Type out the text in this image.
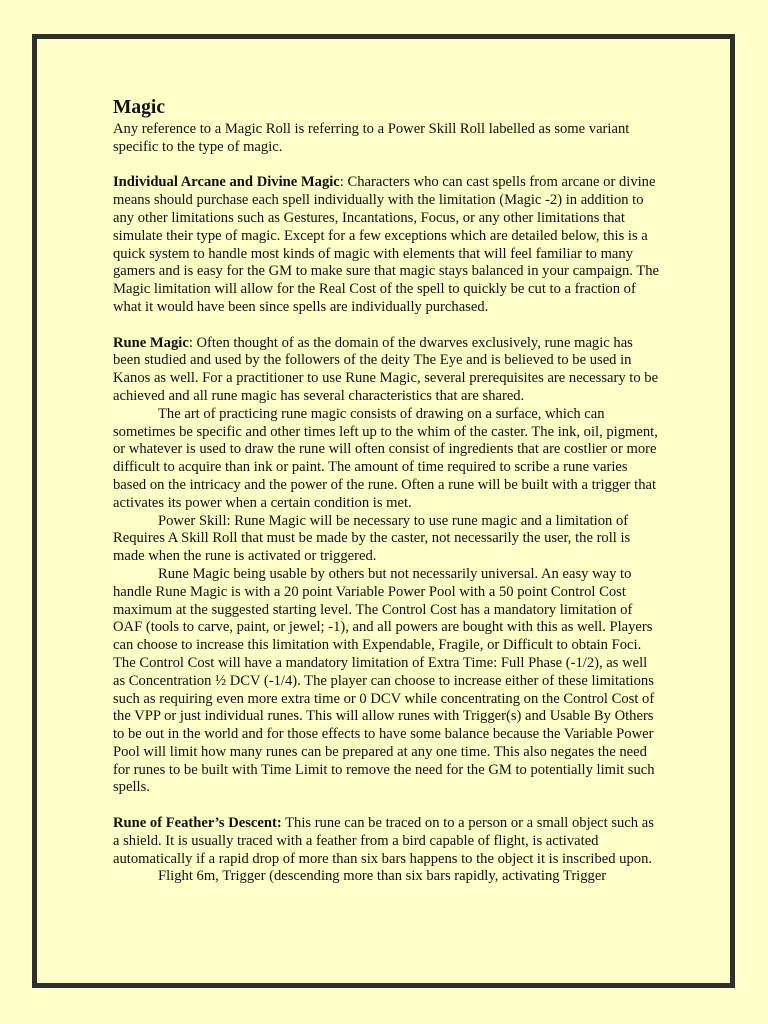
Magic

Any reference to a Magic Roll is referring to a Power Skill Roll labelled as some variant specific to the type of magic.

Individual Arcane and Divine Magic: Characters who can cast spells from arcane or divine means should purchase each spell individually with the limitation (Magic -2) in addition to any other limitations such as Gestures, Incantations, Focus, or any other limitations that simulate their type of magic. Except for a few exceptions which are detailed below, this is a quick system to handle most kinds of magic with elements that will feel familiar to many gamers and is easy for the GM to make sure that magic stays balanced in your campaign. The Magic limitation will allow for the Real Cost of the spell to quickly be cut to a fraction of what it would have been since spells are individually purchased.

Rune Magic: Often thought of as the domain of the dwarves exclusively, rune magic has been studied and used by the followers of the deity The Eye and is believed to be used in Kanos as well. For a practitioner to use Rune Magic, several prerequisites are necessary to be achieved and all rune magic has several characteristics that are shared.

The art of practicing rune magic consists of drawing on a surface, which can sometimes be specific and other times left up to the whim of the caster. The ink, oil, pigment, or whatever is used to draw the rune will often consist of ingredients that are costlier or more difficult to acquire than ink or paint. The amount of time required to scribe a rune varies based on the intricacy and the power of the rune. Often a rune will be built with a trigger that activates its power when a certain condition is met.

Power Skill: Rune Magic will be necessary to use rune magic and a limitation of Requires A Skill Roll that must be made by the caster, not necessarily the user, the roll is made when the rune is activated or triggered.

Rune Magic being usable by others but not necessarily universal. An easy way to handle Rune Magic is with a 20 point Variable Power Pool with a 50 point Control Cost maximum at the suggested starting level. The Control Cost has a mandatory limitation of OAF (tools to carve, paint, or jewel; -1), and all powers are bought with this as well. Players can choose to increase this limitation with Expendable, Fragile, or Difficult to obtain Foci. The Control Cost will have a mandatory limitation of Extra Time: Full Phase (-1/2), as well as Concentration ½ DCV (-1/4). The player can choose to increase either of these limitations such as requiring even more extra time or 0 DCV while concentrating on the Control Cost of the VPP or just individual runes. This will allow runes with Trigger(s) and Usable By Others to be out in the world and for those effects to have some balance because the Variable Power Pool will limit how many runes can be prepared at any one time. This also negates the need for runes to be built with Time Limit to remove the need for the GM to potentially limit such spells.

Rune of Feather’s Descent: This rune can be traced on to a person or a small object such as a shield. It is usually traced with a feather from a bird capable of flight, is activated automatically if a rapid drop of more than six bars happens to the object it is inscribed upon.

Flight 6m, Trigger (descending more than six bars rapidly, activating Trigger
